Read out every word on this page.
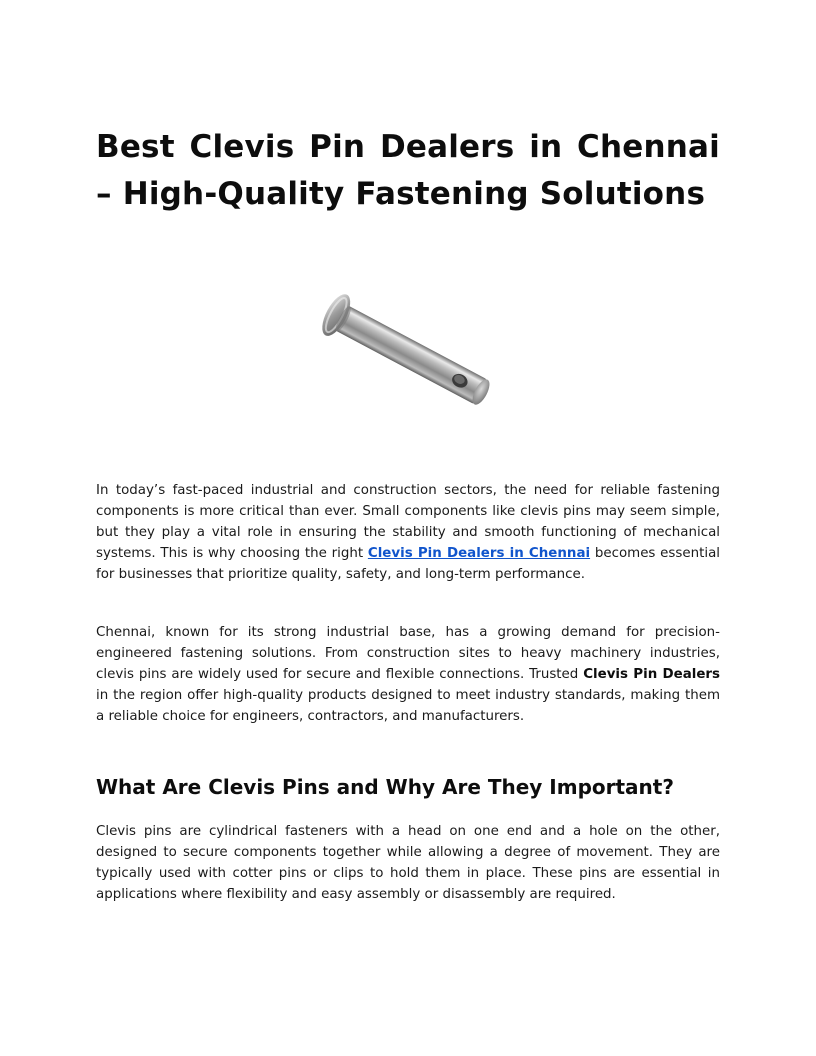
Best Clevis Pin Dealers in Chennai – High-Quality Fastening Solutions

In today’s fast-paced industrial and construction sectors, the need for reliable fastening components is more critical than ever. Small components like clevis pins may seem simple, but they play a vital role in ensuring the stability and smooth functioning of mechanical systems. This is why choosing the right Clevis Pin Dealers in Chennai becomes essential for businesses that prioritize quality, safety, and long-term performance.

Chennai, known for its strong industrial base, has a growing demand for precision-engineered fastening solutions. From construction sites to heavy machinery industries, clevis pins are widely used for secure and flexible connections. Trusted Clevis Pin Dealers in the region offer high-quality products designed to meet industry standards, making them a reliable choice for engineers, contractors, and manufacturers.

What Are Clevis Pins and Why Are They Important?

Clevis pins are cylindrical fasteners with a head on one end and a hole on the other, designed to secure components together while allowing a degree of movement. They are typically used with cotter pins or clips to hold them in place. These pins are essential in applications where flexibility and easy assembly or disassembly are required.
